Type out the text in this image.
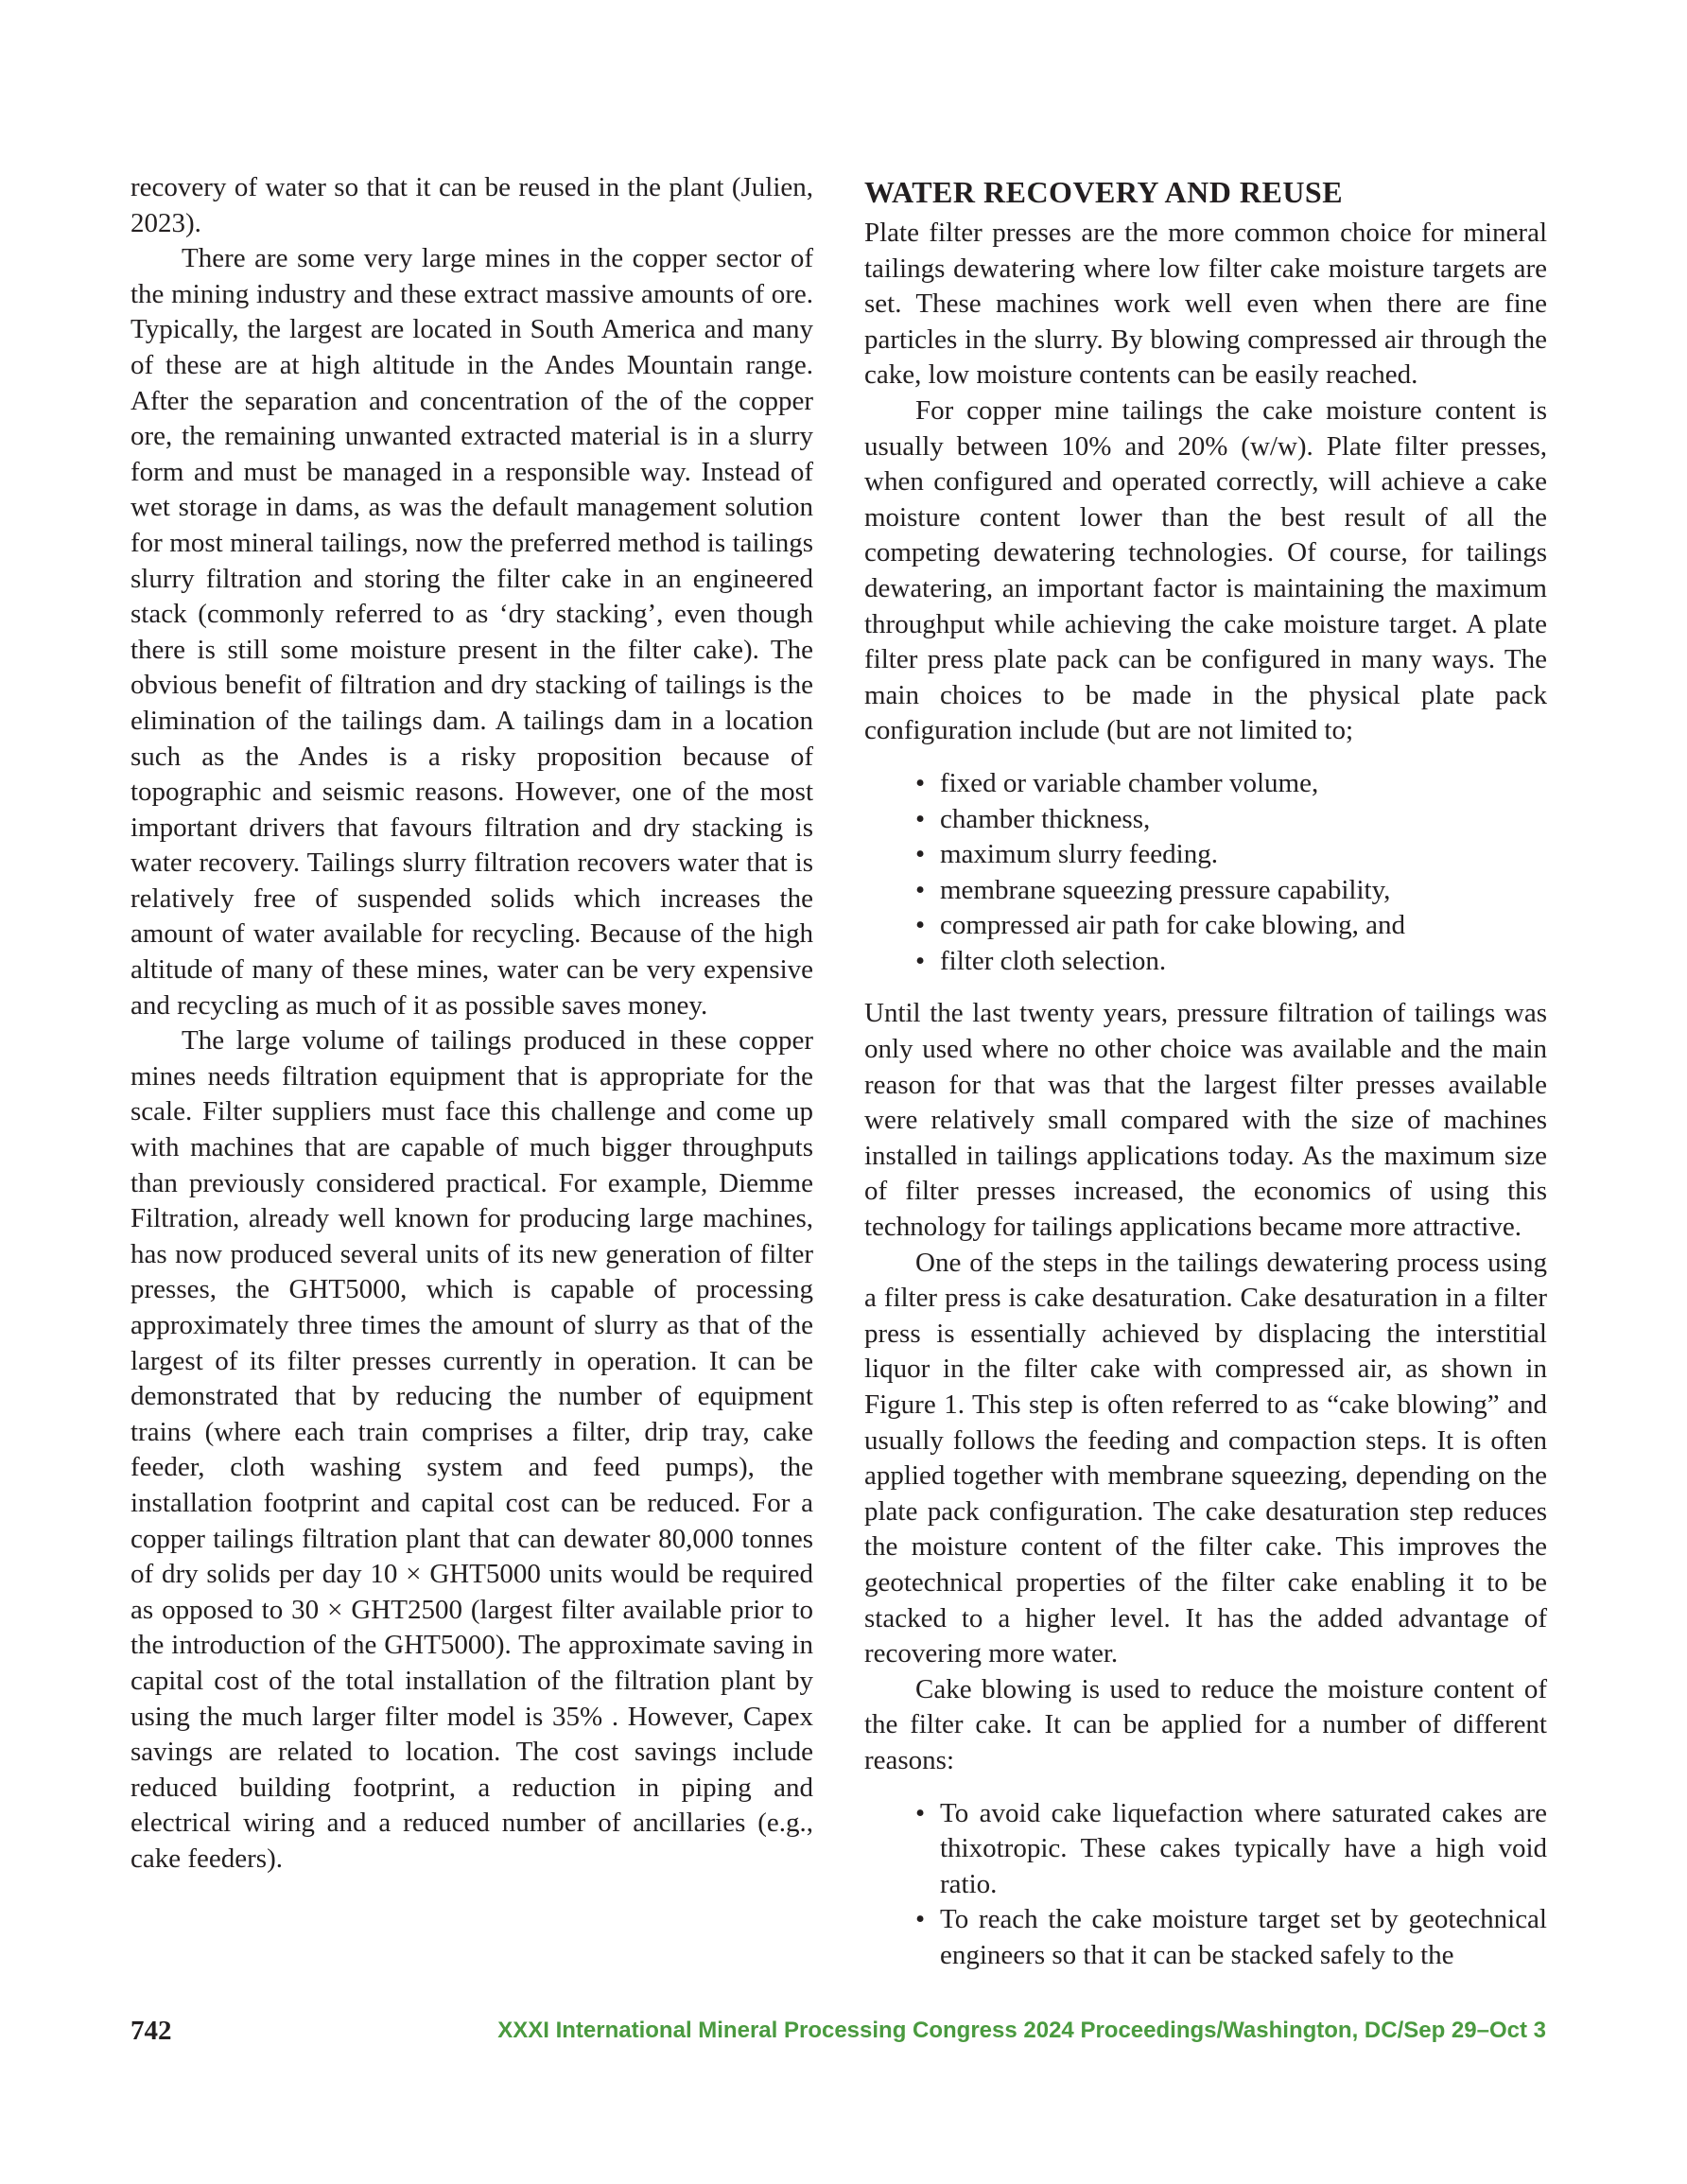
recovery of water so that it can be reused in the plant (Julien, 2023).

There are some very large mines in the copper sector of the mining industry and these extract massive amounts of ore. Typically, the largest are located in South America and many of these are at high altitude in the Andes Mountain range. After the separation and concentration of the of the copper ore, the remaining unwanted extracted material is in a slurry form and must be managed in a responsible way. Instead of wet storage in dams, as was the default management solution for most mineral tailings, now the preferred method is tailings slurry filtration and storing the filter cake in an engineered stack (commonly referred to as ‘dry stacking’, even though there is still some moisture present in the filter cake). The obvious benefit of filtration and dry stacking of tailings is the elimination of the tailings dam. A tailings dam in a location such as the Andes is a risky proposition because of topographic and seismic reasons. However, one of the most important drivers that favours filtration and dry stacking is water recovery. Tailings slurry filtration recovers water that is relatively free of suspended solids which increases the amount of water available for recycling. Because of the high altitude of many of these mines, water can be very expensive and recycling as much of it as possible saves money.

The large volume of tailings produced in these copper mines needs filtration equipment that is appropriate for the scale. Filter suppliers must face this challenge and come up with machines that are capable of much bigger throughputs than previously considered practical. For example, Diemme Filtration, already well known for producing large machines, has now produced several units of its new generation of filter presses, the GHT5000, which is capable of processing approximately three times the amount of slurry as that of the largest of its filter presses currently in operation. It can be demonstrated that by reducing the number of equipment trains (where each train comprises a filter, drip tray, cake feeder, cloth washing system and feed pumps), the installation footprint and capital cost can be reduced. For a copper tailings filtration plant that can dewater 80,000 tonnes of dry solids per day 10 × GHT5000 units would be required as opposed to 30 × GHT2500 (largest filter available prior to the introduction of the GHT5000). The approximate saving in capital cost of the total installation of the filtration plant by using the much larger filter model is 35% . However, Capex savings are related to location. The cost savings include reduced building footprint, a reduction in piping and electrical wiring and a reduced number of ancillaries (e.g., cake feeders).

WATER RECOVERY AND REUSE

Plate filter presses are the more common choice for mineral tailings dewatering where low filter cake moisture targets are set. These machines work well even when there are fine particles in the slurry. By blowing compressed air through the cake, low moisture contents can be easily reached.

For copper mine tailings the cake moisture content is usually between 10% and 20% (w/w). Plate filter presses, when configured and operated correctly, will achieve a cake moisture content lower than the best result of all the competing dewatering technologies. Of course, for tailings dewatering, an important factor is maintaining the maximum throughput while achieving the cake moisture target. A plate filter press plate pack can be configured in many ways. The main choices to be made in the physical plate pack configuration include (but are not limited to;

• fixed or variable chamber volume,
• chamber thickness,
• maximum slurry feeding.
• membrane squeezing pressure capability,
• compressed air path for cake blowing, and
• filter cloth selection.

Until the last twenty years, pressure filtration of tailings was only used where no other choice was available and the main reason for that was that the largest filter presses available were relatively small compared with the size of machines installed in tailings applications today. As the maximum size of filter presses increased, the economics of using this technology for tailings applications became more attractive.

One of the steps in the tailings dewatering process using a filter press is cake desaturation. Cake desaturation in a filter press is essentially achieved by displacing the interstitial liquor in the filter cake with compressed air, as shown in Figure 1. This step is often referred to as “cake blowing” and usually follows the feeding and compaction steps. It is often applied together with membrane squeezing, depending on the plate pack configuration. The cake desaturation step reduces the moisture content of the filter cake. This improves the geotechnical properties of the filter cake enabling it to be stacked to a higher level. It has the added advantage of recovering more water.

Cake blowing is used to reduce the moisture content of the filter cake. It can be applied for a number of different reasons:

• To avoid cake liquefaction where saturated cakes are thixotropic. These cakes typically have a high void ratio.
• To reach the cake moisture target set by geotechnical engineers so that it can be stacked safely to the
742	XXXI International Mineral Processing Congress 2024 Proceedings/Washington, DC/Sep 29–Oct 3
